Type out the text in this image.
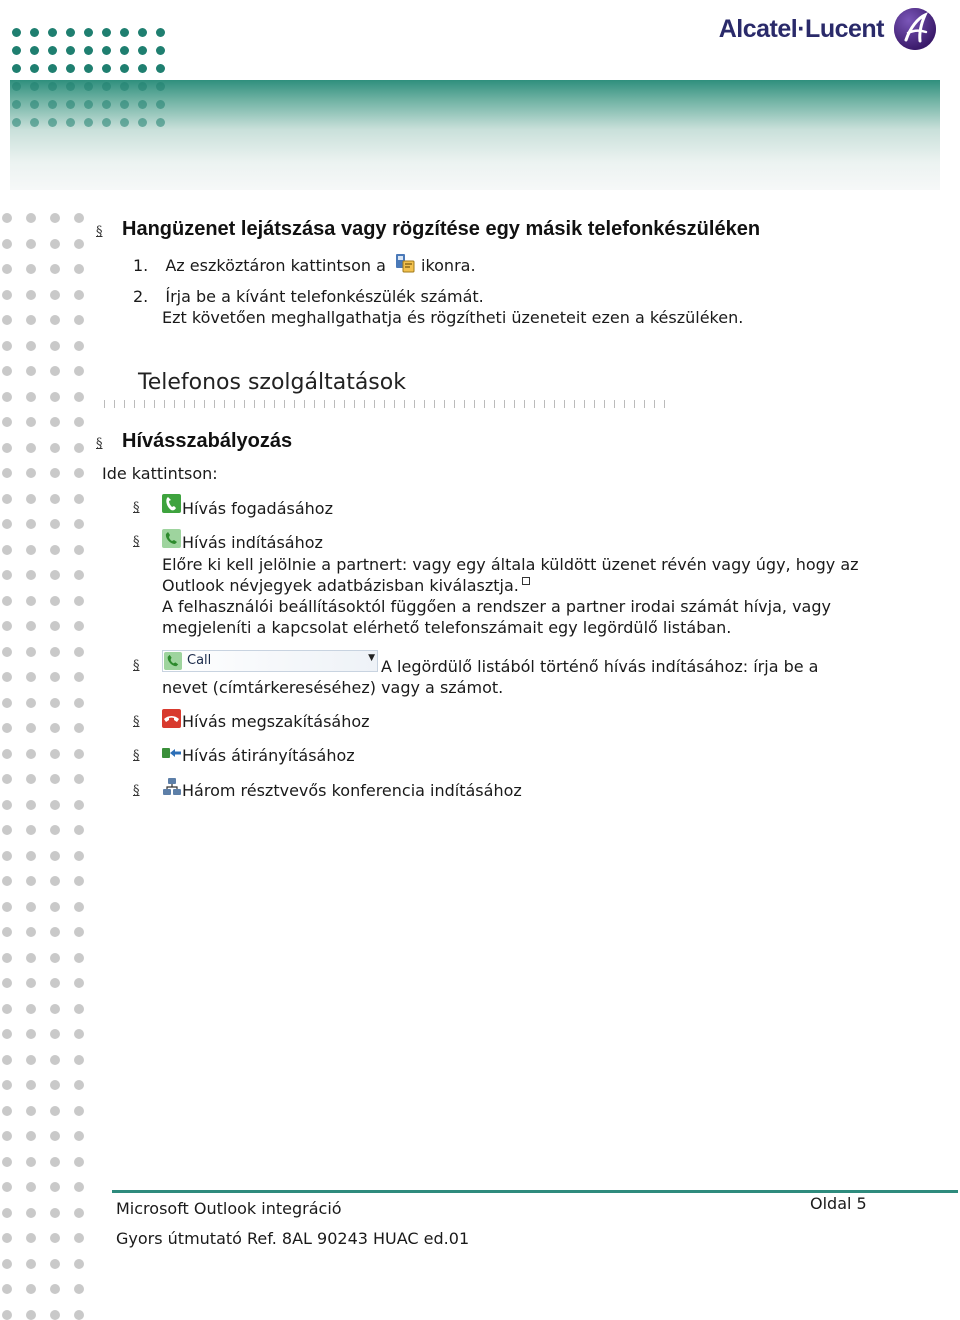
Alcatel·Lucent
§ Hangüzenet lejátszása vagy rögzítése egy másik telefonkészüléken
1. Az eszköztáron kattintson a ikonra.
2. Írja be a kívánt telefonkészülék számát.
Ezt követően meghallgathatja és rögzítheti üzeneteit ezen a készüléken.
Telefonos szolgáltatások
§ Hívásszabályozás
Ide kattintson:
§	Hívás fogadásához
§	Hívás indításához
Előre ki kell jelölnie a partnert: vagy egy általa küldött üzenet révén vagy úgy, hogy az
Outlook névjegyek adatbázisban kiválasztja.
A felhasználói beállításoktól függően a rendszer a partner irodai számát hívja, vagy
megjeleníti a kapcsolat elérhető telefonszámait egy legördülő listában.
§	Call	▼ A legördülő listából történő hívás indításához: írja be a
nevet (címtárkereséséhez) vagy a számot.
§	Hívás megszakításához
§	Hívás átirányításához
§	Három résztvevős konferencia indításához
Microsoft Outlook integráció
Gyors útmutató Ref. 8AL 90243 HUAC ed.01
Oldal 5
